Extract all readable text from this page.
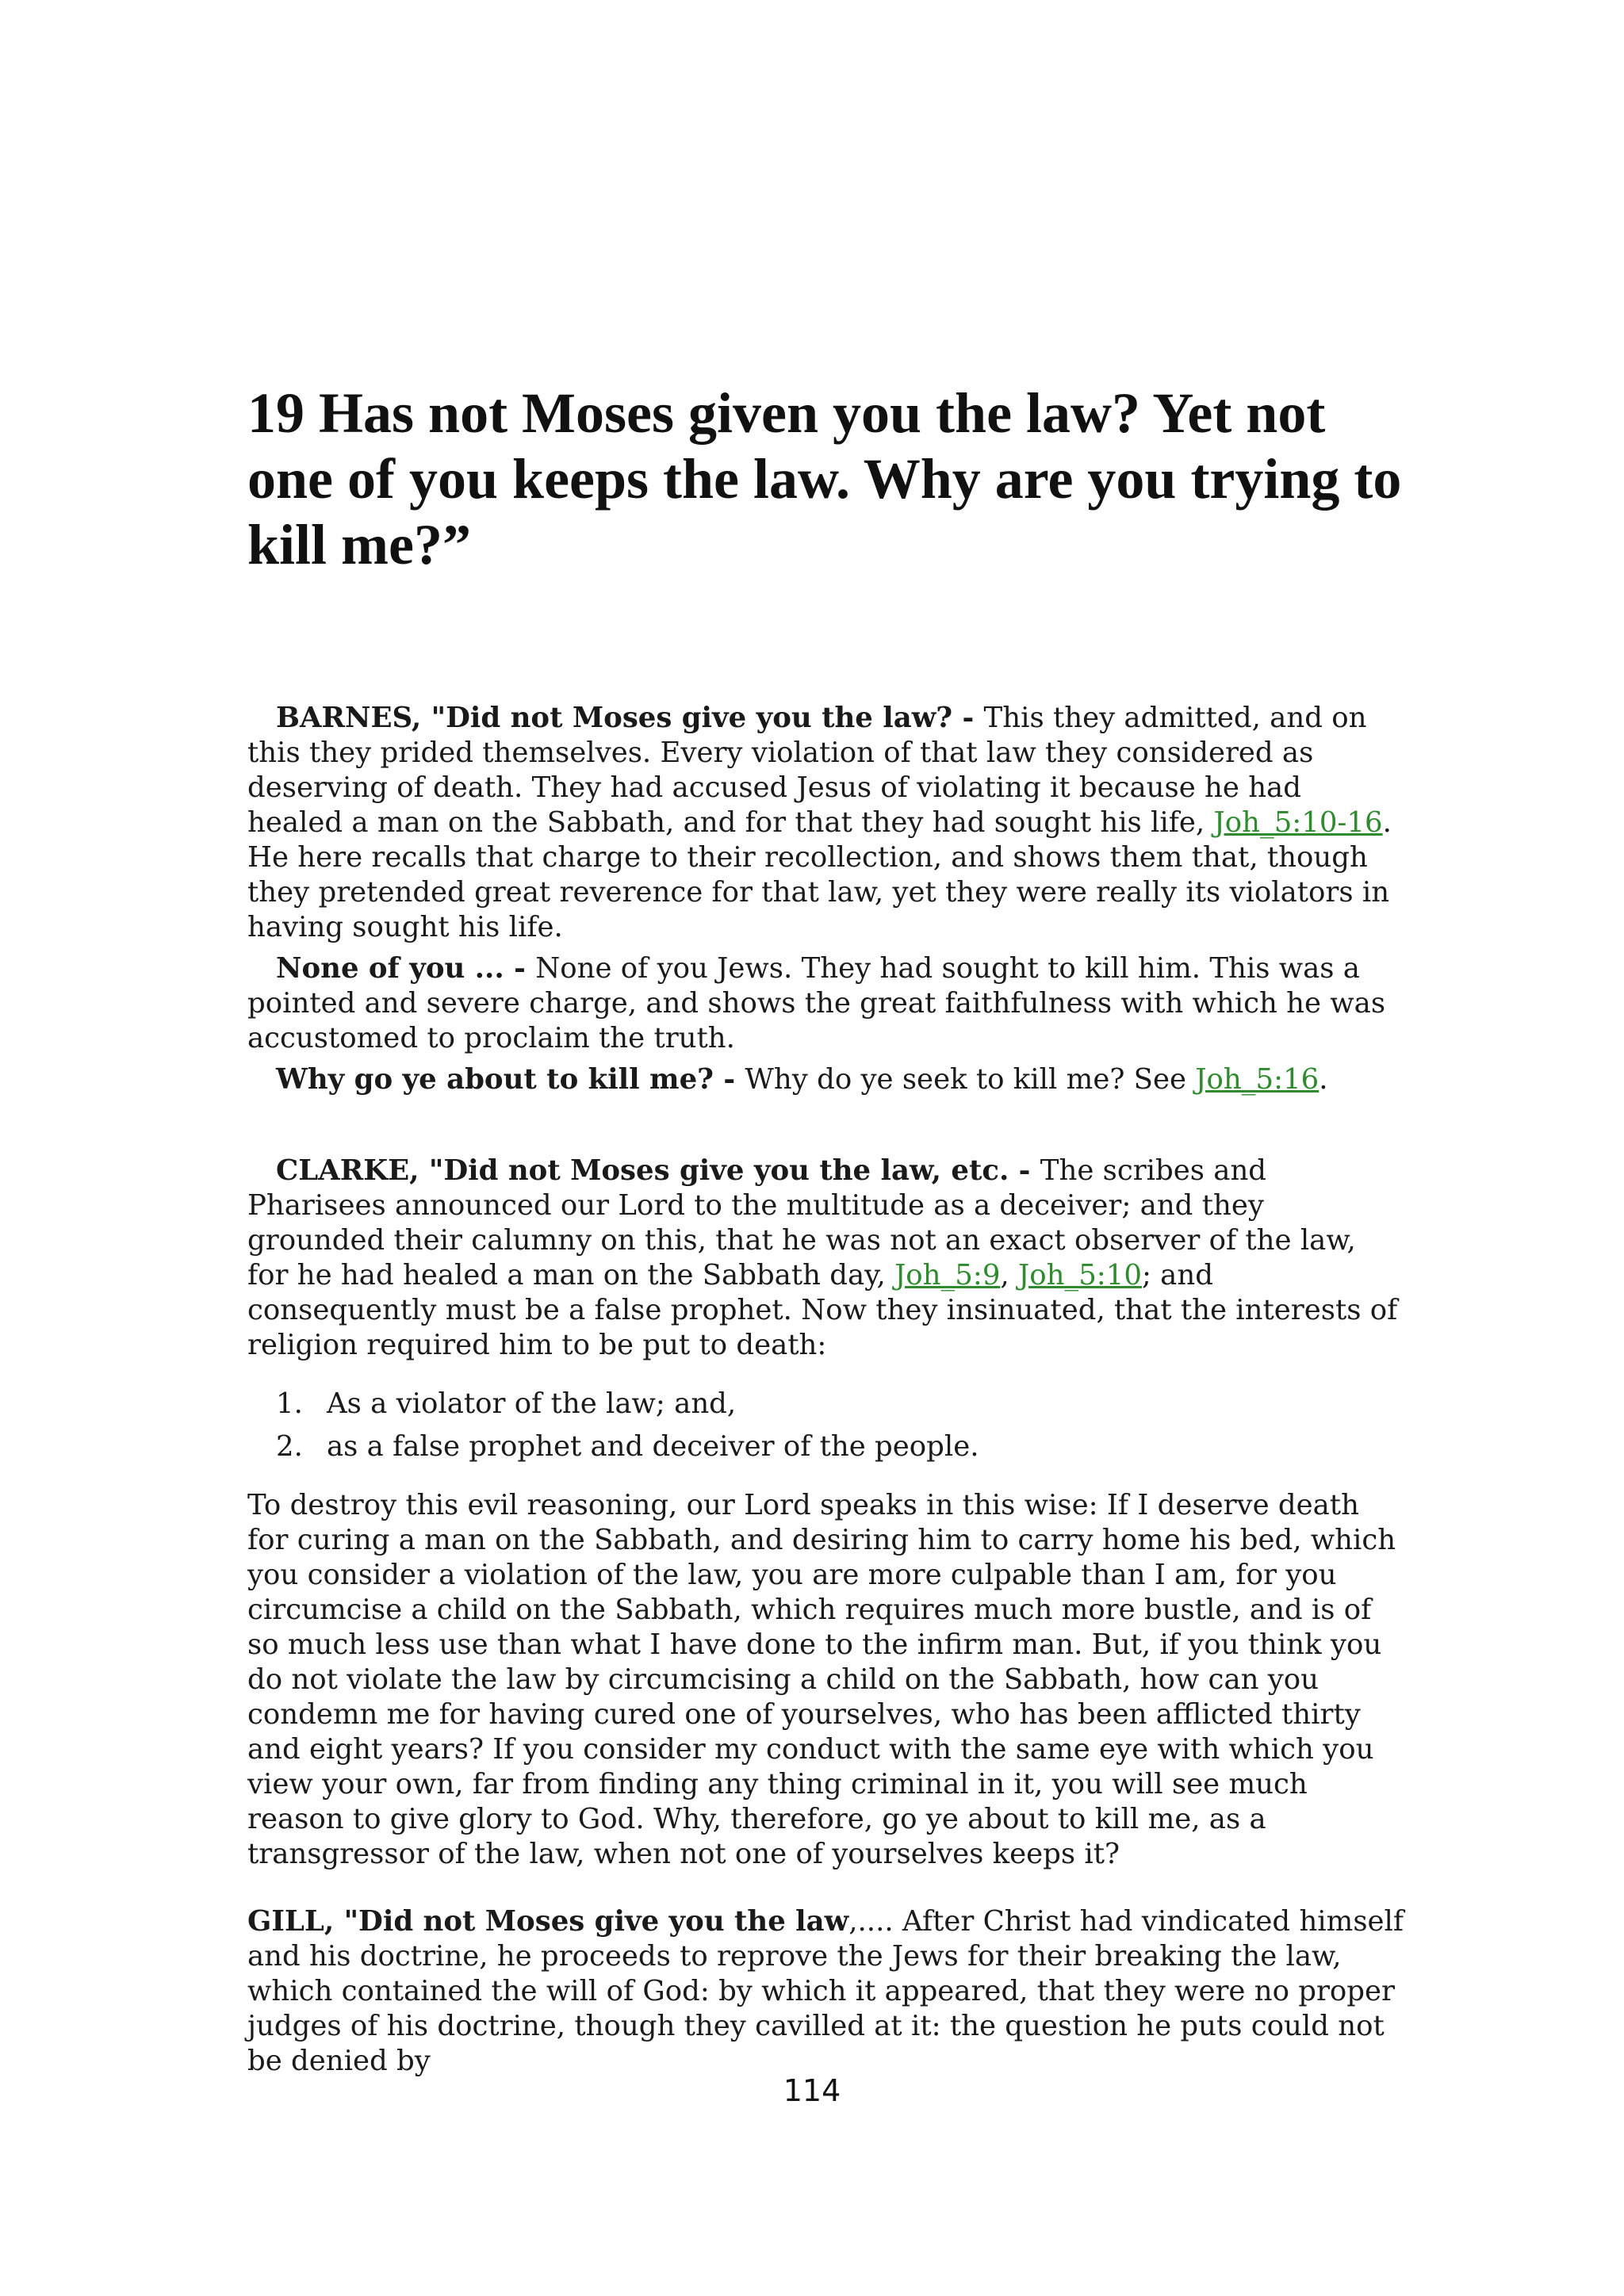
19 Has not Moses given you the law? Yet not one of you keeps the law. Why are you trying to kill me?”

BARNES, "Did not Moses give you the law? - This they admitted, and on this they prided themselves. Every violation of that law they considered as deserving of death. They had accused Jesus of violating it because he had healed a man on the Sabbath, and for that they had sought his life, Joh_5:10-16. He here recalls that charge to their recollection, and shows them that, though they pretended great reverence for that law, yet they were really its violators in having sought his life.

None of you ... - None of you Jews. They had sought to kill him. This was a pointed and severe charge, and shows the great faithfulness with which he was accustomed to proclaim the truth.

Why go ye about to kill me? - Why do ye seek to kill me? See Joh_5:16.

CLARKE, "Did not Moses give you the law, etc. - The scribes and Pharisees announced our Lord to the multitude as a deceiver; and they grounded their calumny on this, that he was not an exact observer of the law, for he had healed a man on the Sabbath day, Joh_5:9, Joh_5:10; and consequently must be a false prophet. Now they insinuated, that the interests of religion required him to be put to death:

1. As a violator of the law; and,
2. as a false prophet and deceiver of the people.

To destroy this evil reasoning, our Lord speaks in this wise: If I deserve death for curing a man on the Sabbath, and desiring him to carry home his bed, which you consider a violation of the law, you are more culpable than I am, for you circumcise a child on the Sabbath, which requires much more bustle, and is of so much less use than what I have done to the infirm man. But, if you think you do not violate the law by circumcising a child on the Sabbath, how can you condemn me for having cured one of yourselves, who has been afflicted thirty and eight years? If you consider my conduct with the same eye with which you view your own, far from finding any thing criminal in it, you will see much reason to give glory to God. Why, therefore, go ye about to kill me, as a transgressor of the law, when not one of yourselves keeps it?

GILL, "Did not Moses give you the law,.... After Christ had vindicated himself and his doctrine, he proceeds to reprove the Jews for their breaking the law, which contained the will of God: by which it appeared, that they were no proper judges of his doctrine, though they cavilled at it: the question he puts could not be denied by

114
